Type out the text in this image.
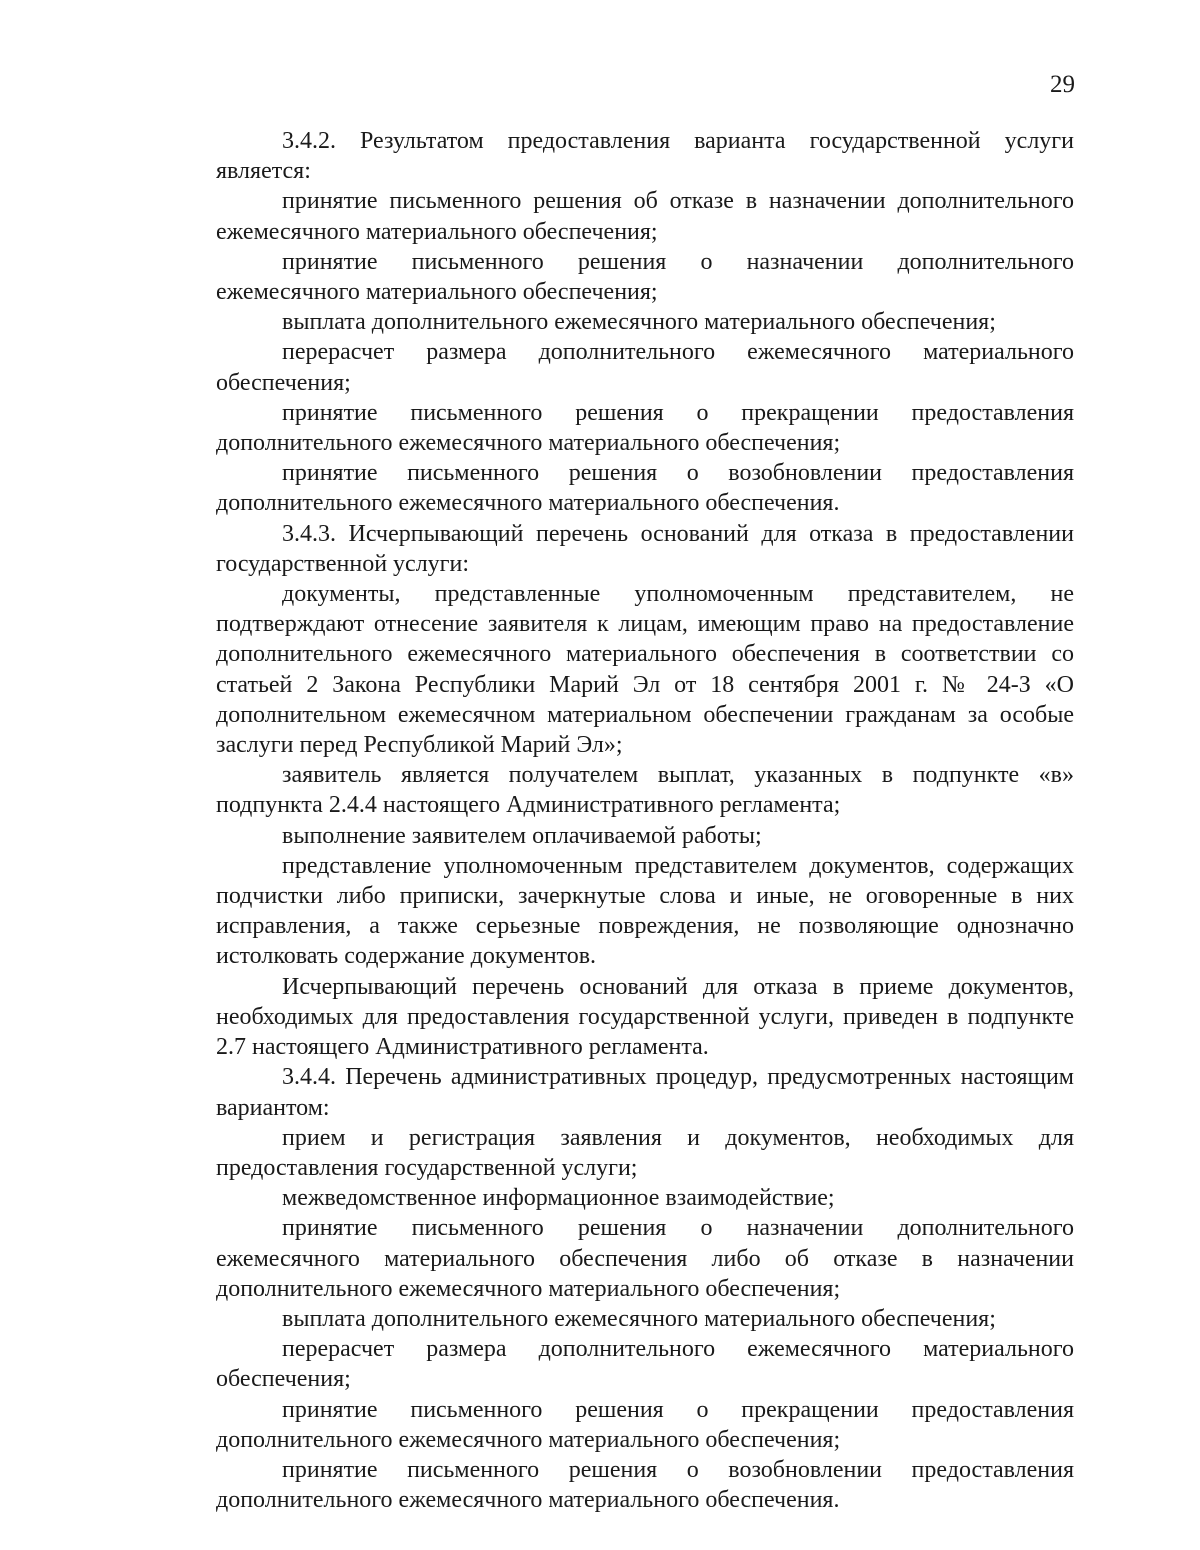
29

3.4.2. Результатом предоставления варианта государственной услуги является:

принятие письменного решения об отказе в назначении дополнительного ежемесячного материального обеспечения;

принятие письменного решения о назначении дополнительного ежемесячного материального обеспечения;

выплата дополнительного ежемесячного материального обеспечения;

перерасчет размера дополнительного ежемесячного материального обеспечения;

принятие письменного решения о прекращении предоставления дополнительного ежемесячного материального обеспечения;

принятие письменного решения о возобновлении предоставления дополнительного ежемесячного материального обеспечения.

3.4.3. Исчерпывающий перечень оснований для отказа в предоставлении государственной услуги:

документы, представленные уполномоченным представителем, не подтверждают отнесение заявителя к лицам, имеющим право на предоставление дополнительного ежемесячного материального обеспечения в соответствии со статьей 2 Закона Республики Марий Эл от 18 сентября 2001 г. № 24-З «О дополнительном ежемесячном материальном обеспечении гражданам за особые заслуги перед Республикой Марий Эл»;

заявитель является получателем выплат, указанных в подпункте «в» подпункта 2.4.4 настоящего Административного регламента;

выполнение заявителем оплачиваемой работы;

представление уполномоченным представителем документов, содержащих подчистки либо приписки, зачеркнутые слова и иные, не оговоренные в них исправления, а также серьезные повреждения, не позволяющие однозначно истолковать содержание документов.

Исчерпывающий перечень оснований для отказа в приеме документов, необходимых для предоставления государственной услуги, приведен в подпункте 2.7 настоящего Административного регламента.

3.4.4. Перечень административных процедур, предусмотренных настоящим вариантом:

прием и регистрация заявления и документов, необходимых для предоставления государственной услуги;

межведомственное информационное взаимодействие;

принятие письменного решения о назначении дополнительного ежемесячного материального обеспечения либо об отказе в назначении дополнительного ежемесячного материального обеспечения;

выплата дополнительного ежемесячного материального обеспечения;

перерасчет размера дополнительного ежемесячного материального обеспечения;

принятие письменного решения о прекращении предоставления дополнительного ежемесячного материального обеспечения;

принятие письменного решения о возобновлении предоставления дополнительного ежемесячного материального обеспечения.
